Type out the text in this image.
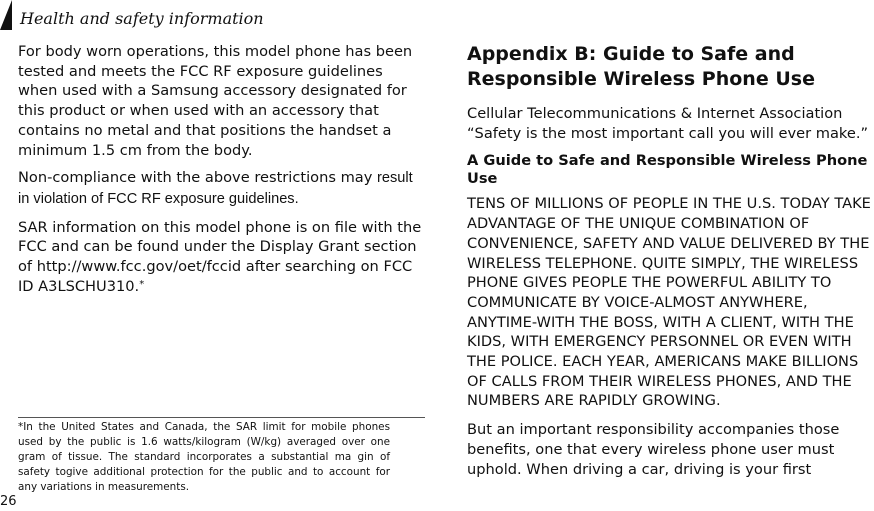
Health and safety information

For body worn operations, this model phone has been tested and meets the FCC RF exposure guidelines when used with a Samsung accessory designated for this product or when used with an accessory that contains no metal and that positions the handset a minimum 1.5 cm from the body.

Non-compliance with the above restrictions may result in violation of FCC RF exposure guidelines.

SAR information on this model phone is on file with the FCC and can be found under the Display Grant section of http://www.fcc.gov/oet/fccid after searching on FCC ID A3LSCHU310.*

*In the United States and Canada, the SAR limit for mobile phones used by the public is 1.6 watts/kilogram (W/kg) averaged over one gram of tissue. The standard incorporates a substantial ma gin of safety togive additional protection for the public and to account for any variations in measurements.
26
Appendix B: Guide to Safe and Responsible Wireless Phone Use

Cellular Telecommunications & Internet Association “Safety is the most important call you will ever make.”

A Guide to Safe and Responsible Wireless Phone Use

TENS OF MILLIONS OF PEOPLE IN THE U.S. TODAY TAKE ADVANTAGE OF THE UNIQUE COMBINATION OF CONVENIENCE, SAFETY AND VALUE DELIVERED BY THE WIRELESS TELEPHONE. QUITE SIMPLY, THE WIRELESS PHONE GIVES PEOPLE THE POWERFUL ABILITY TO COMMUNICATE BY VOICE-ALMOST ANYWHERE, ANYTIME-WITH THE BOSS, WITH A CLIENT, WITH THE KIDS, WITH EMERGENCY PERSONNEL OR EVEN WITH THE POLICE. EACH YEAR, AMERICANS MAKE BILLIONS OF CALLS FROM THEIR WIRELESS PHONES, AND THE NUMBERS ARE RAPIDLY GROWING.

But an important responsibility accompanies those benefits, one that every wireless phone user must uphold. When driving a car, driving is your first
